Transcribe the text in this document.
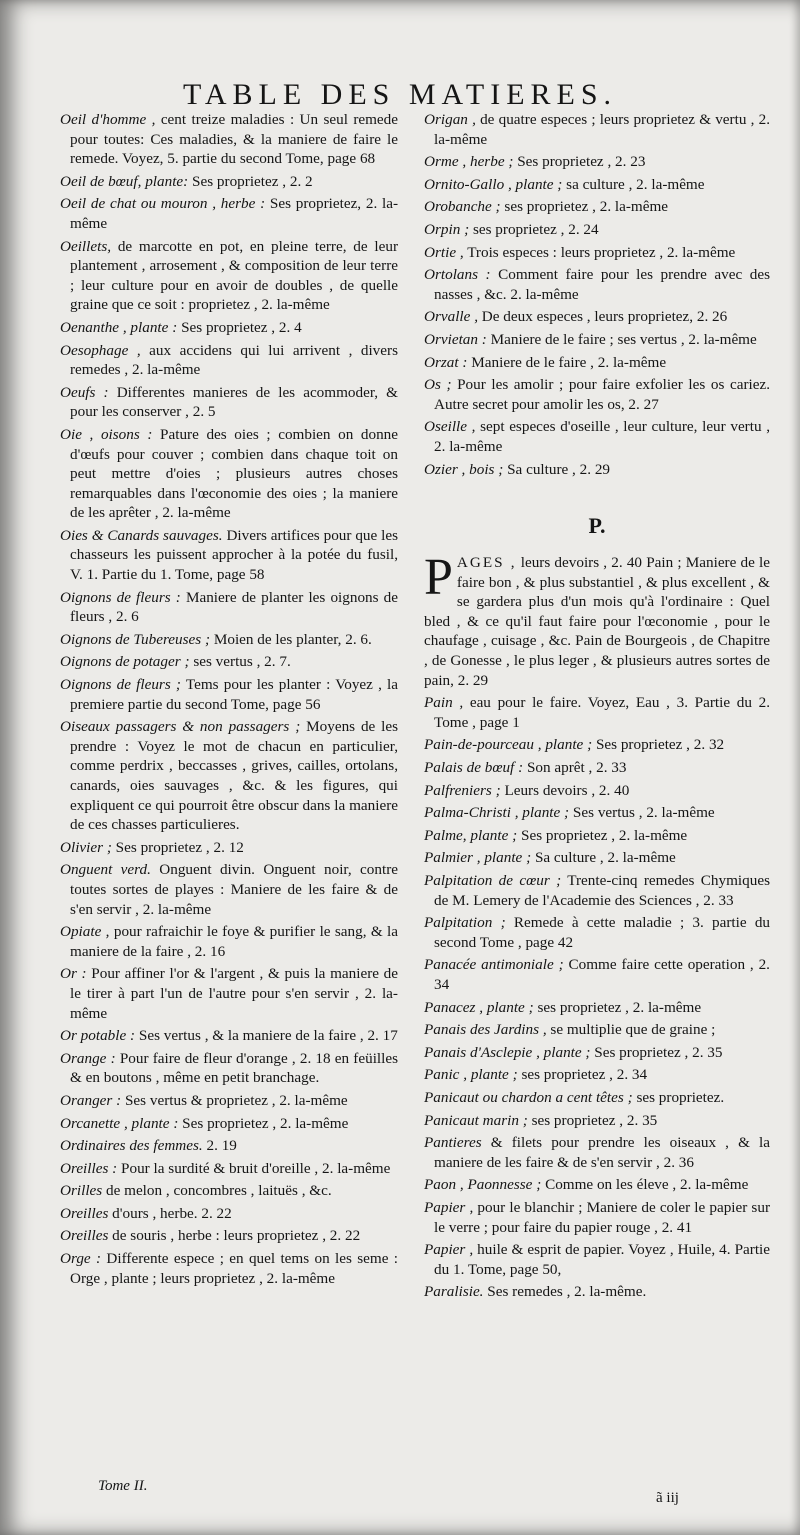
TABLE DES MATIERES.

Oeil d'homme , cent treize maladies : Un seul remede pour toutes: Ces maladies, & la maniere de faire le remede. Voyez, 5. partie du second Tome, page 68

Oeil de bœuf, plante: Ses proprietez , 2. 2

Oeil de chat ou mouron , herbe : Ses proprietez, 2. la-même

Oeillets, de marcotte en pot, en pleine terre, de leur plantement , arrosement , & composition de leur terre ; leur culture pour en avoir de doubles , de quelle graine que ce soit : proprietez , 2. la-même

Oenanthe , plante : Ses proprietez , 2. 4

Oesophage , aux accidens qui lui arrivent , divers remedes , 2. la-même

Oeufs : Differentes manieres de les acommoder, & pour les conserver , 2. 5

Oie , oisons : Pature des oies ; combien on donne d'œufs pour couver ; combien dans chaque toit on peut mettre d'oies ; plusieurs autres choses remarquables dans l'œconomie des oies ; la maniere de les aprêter , 2. la-même

Oies & Canards sauvages. Divers artifices pour que les chasseurs les puissent approcher à la potée du fusil, V. 1. Partie du 1. Tome, page 58

Oignons de fleurs : Maniere de planter les oignons de fleurs , 2. 6

Oignons de Tubereuses ; Moien de les planter, 2. 6.

Oignons de potager ; ses vertus , 2. 7.

Oignons de fleurs ; Tems pour les planter : Voyez , la premiere partie du second Tome, page 56

Oiseaux passagers & non passagers ; Moyens de les prendre : Voyez le mot de chacun en particulier, comme perdrix , beccasses , grives, cailles, ortolans, canards, oies sauvages , &c. & les figures, qui expliquent ce qui pourroit être obscur dans la maniere de ces chasses particulieres.

Olivier ; Ses proprietez , 2. 12

Onguent verd. Onguent divin. Onguent noir, contre toutes sortes de playes : Maniere de les faire & de s'en servir , 2. la-même

Opiate , pour rafraichir le foye & purifier le sang, & la maniere de la faire , 2. 16

Or : Pour affiner l'or & l'argent , & puis la maniere de le tirer à part l'un de l'autre pour s'en servir , 2. la-même

Or potable : Ses vertus , & la maniere de la faire , 2. 17

Orange : Pour faire de fleur d'orange , 2. 18 en feüilles & en boutons , même en petit branchage.

Oranger : Ses vertus & proprietez , 2. la-même

Orcanette , plante : Ses proprietez , 2. la-même

Ordinaires des femmes. 2. 19

Oreilles : Pour la surdité & bruit d'oreille , 2. la-même

Orilles de melon , concombres , laituës , &c.

Oreilles d'ours , herbe. 2. 22

Oreilles de souris , herbe : leurs proprietez , 2. 22

Orge : Differente espece ; en quel tems on les seme : Orge , plante ; leurs proprietez , 2. la-même

Origan , de quatre especes ; leurs proprietez & vertu , 2. la-même

Orme , herbe ; Ses proprietez , 2. 23

Ornito-Gallo , plante ; sa culture , 2. la-même

Orobanche ; ses proprietez , 2. la-même

Orpin ; ses proprietez , 2. 24

Ortie , Trois especes : leurs proprietez , 2. la-même

Ortolans : Comment faire pour les prendre avec des nasses , &c. 2. la-même

Orvalle , De deux especes , leurs proprietez, 2. 26

Orvietan : Maniere de le faire ; ses vertus , 2. la-même

Orzat : Maniere de le faire , 2. la-même

Os ; Pour les amolir ; pour faire exfolier les os cariez. Autre secret pour amolir les os, 2. 27

Oseille , sept especes d'oseille , leur culture, leur vertu , 2. la-même

Ozier , bois ; Sa culture , 2. 29

P.

PAGES , leurs devoirs , 2. 40 Pain ; Maniere de le faire bon , & plus substantiel , & plus excellent , & se gardera plus d'un mois qu'à l'ordinaire : Quel bled , & ce qu'il faut faire pour l'œconomie , pour le chaufage , cuisage , &c. Pain de Bourgeois , de Chapitre , de Gonesse , le plus leger , & plusieurs autres sortes de pain, 2. 29

Pain , eau pour le faire. Voyez, Eau , 3. Partie du 2. Tome , page 1

Pain-de-pourceau , plante ; Ses proprietez , 2. 32

Palais de bœuf : Son aprêt , 2. 33

Palfreniers ; Leurs devoirs , 2. 40

Palma-Christi , plante ; Ses vertus , 2. la-même

Palme, plante ; Ses proprietez , 2. la-même

Palmier , plante ; Sa culture , 2. la-même

Palpitation de cœur ; Trente-cinq remedes Chymiques de M. Lemery de l'Academie des Sciences , 2. 33

Palpitation ; Remede à cette maladie ; 3. partie du second Tome , page 42

Panacée antimoniale ; Comme faire cette operation , 2. 34

Panacez , plante ; ses proprietez , 2. la-même

Panais des Jardins , se multiplie que de graine ;

Panais d'Asclepie , plante ; Ses proprietez , 2. 35

Panic , plante ; ses proprietez , 2. 34

Panicaut ou chardon a cent têtes ; ses proprietez.

Panicaut marin ; ses proprietez , 2. 35

Pantieres & filets pour prendre les oiseaux , & la maniere de les faire & de s'en servir , 2. 36

Paon , Paonnesse ; Comme on les éleve , 2. la-même

Papier , pour le blanchir ; Maniere de coler le papier sur le verre ; pour faire du papier rouge , 2. 41

Papier , huile & esprit de papier. Voyez , Huile, 4. Partie du 1. Tome, page 50,

Paralisie. Ses remedes , 2. la-même.

Tome II.
ã iij
